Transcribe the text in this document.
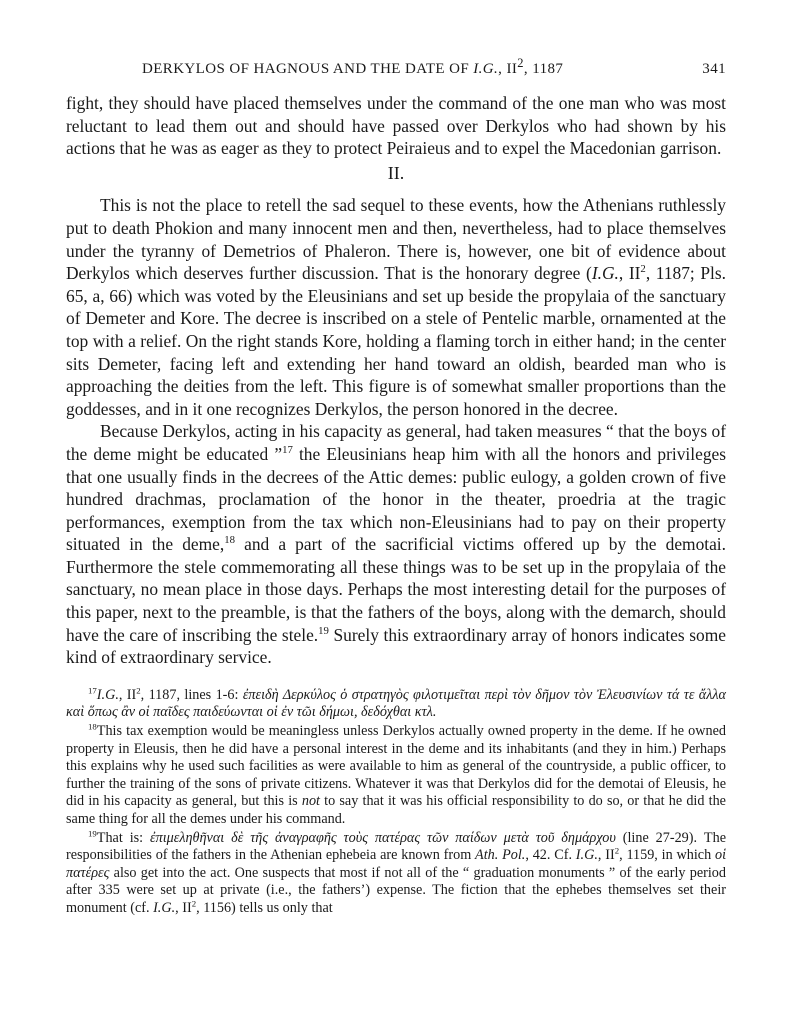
DERKYLOS OF HAGNOUS AND THE DATE OF I.G., $II^2$, 1187	341

fight, they should have placed themselves under the command of the one man who was most reluctant to lead them out and should have passed over Derkylos who had shown by his actions that he was as eager as they to protect Peiraieus and to expel the Macedonian garrison.

II.

This is not the place to retell the sad sequel to these events, how the Athenians ruthlessly put to death Phokion and many innocent men and then, nevertheless, had to place themselves under the tyranny of Demetrios of Phaleron. There is, however, one bit of evidence about Derkylos which deserves further discussion. That is the honorary degree (I.G., $II^2$, 1187; Pls. 65, a, 66) which was voted by the Eleusinians and set up beside the propylaia of the sanctuary of Demeter and Kore. The decree is inscribed on a stele of Pentelic marble, ornamented at the top with a relief. On the right stands Kore, holding a flaming torch in either hand; in the center sits Demeter, facing left and extending her hand toward an oldish, bearded man who is approaching the deities from the left. This figure is of somewhat smaller proportions than the goddesses, and in it one recognizes Derkylos, the person honored in the decree.

Because Derkylos, acting in his capacity as general, had taken measures “ that the boys of the deme might be educated ”$^{17}$ the Eleusinians heap him with all the honors and privileges that one usually finds in the decrees of the Attic demes: public eulogy, a golden crown of five hundred drachmas, proclamation of the honor in the theater, proedria at the tragic performances, exemption from the tax which non-Eleusinians had to pay on their property situated in the deme,$^{18}$ and a part of the sacrificial victims offered up by the demotai. Furthermore the stele commemorating all these things was to be set up in the propylaia of the sanctuary, no mean place in those days. Perhaps the most interesting detail for the purposes of this paper, next to the preamble, is that the fathers of the boys, along with the demarch, should have the care of inscribing the stele.$^{19}$ Surely this extraordinary array of honors indicates some kind of extraordinary service.

$^{17}$I.G., $II^2$, 1187, lines 1-6: ἐπειδὴ Δερκύλος ὁ στρατηγὸς φιλοτιμεῖται περὶ τὸν δῆμον τὸν Ἐλευσινίων τά τε ἄλλα καὶ ὅπως ἂν οἱ παῖδες παιδεύωνται οἱ ἐν τῶι δήμωι, δεδόχθαι κτλ.

$^{18}$This tax exemption would be meaningless unless Derkylos actually owned property in the deme. If he owned property in Eleusis, then he did have a personal interest in the deme and its inhabitants (and they in him.) Perhaps this explains why he used such facilities as were available to him as general of the countryside, a public officer, to further the training of the sons of private citizens. Whatever it was that Derkylos did for the demotai of Eleusis, he did in his capacity as general, but this is not to say that it was his official responsibility to do so, or that he did the same thing for all the demes under his command.

$^{19}$That is: ἐπιμεληθῆναι δὲ τῆς ἀναγραφῆς τοὺς πατέρας τῶν παίδων μετὰ τοῦ δημάρχου (line 27-29). The responsibilities of the fathers in the Athenian ephebeia are known from Ath. Pol., 42. Cf. I.G., $II^2$, 1159, in which οἱ πατέρες also get into the act. One suspects that most if not all of the “ graduation monuments ” of the early period after 335 were set up at private (i.e., the fathers’) expense. The fiction that the ephebes themselves set their monument (cf. I.G., $II^2$, 1156) tells us only that
